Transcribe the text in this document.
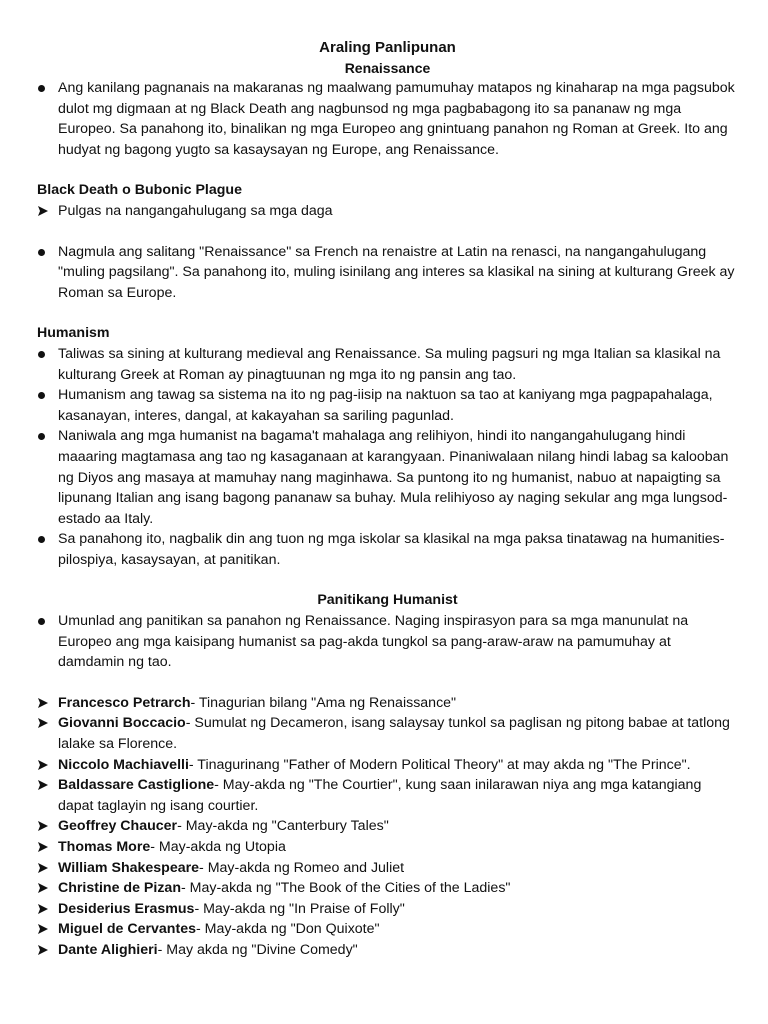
Araling Panlipunan

Renaissance

Ang kanilang pagnanais na makaranas ng maalwang pamumuhay matapos ng kinaharap na mga pagsubok dulot mg digmaan at ng Black Death ang nagbunsod ng mga pagbabagong ito sa pananaw ng mga Europeo. Sa panahong ito, binalikan ng mga Europeo ang gnintuang panahon ng Roman at Greek. Ito ang hudyat ng bagong yugto sa kasaysayan ng Europe, ang Renaissance.

Black Death o Bubonic Plague

Pulgas na nangangahulugang sa mga daga
Nagmula ang salitang "Renaissance" sa French na renaistre at Latin na renasci, na nangangahulugang "muling pagsilang". Sa panahong ito, muling isinilang ang interes sa klasikal na sining at kulturang Greek ay Roman sa Europe.

Humanism

Taliwas sa sining at kulturang medieval ang Renaissance. Sa muling pagsuri ng mga Italian sa klasikal na kulturang Greek at Roman ay pinagtuunan ng mga ito ng pansin ang tao.
Humanism ang tawag sa sistema na ito ng pag-iisip na naktuon sa tao at kaniyang mga pagpapahalaga, kasanayan, interes, dangal, at kakayahan sa sariling pagunlad.
Naniwala ang mga humanist na bagama't mahalaga ang relihiyon, hindi ito nangangahulugang hindi maaaring magtamasa ang tao ng kasaganaan at karangyaan. Pinaniwalaan nilang hindi labag sa kalooban ng Diyos ang masaya at mamuhay nang maginhawa. Sa puntong ito ng humanist, nabuo at napaigting sa lipunang Italian ang isang bagong pananaw sa buhay. Mula relihiyoso ay naging sekular ang mga lungsod-estado aa Italy.
Sa panahong ito, nagbalik din ang tuon ng mga iskolar sa klasikal na mga paksa tinatawag na humanities- pilospiya, kasaysayan, at panitikan.

Panitikang Humanist

Umunlad ang panitikan sa panahon ng Renaissance. Naging inspirasyon para sa mga manunulat na Europeo ang mga kaisipang humanist sa pag-akda tungkol sa pang-araw-araw na pamumuhay at damdamin ng tao.
Francesco Petrarch- Tinagurian bilang "Ama ng Renaissance"
Giovanni Boccacio- Sumulat ng Decameron, isang salaysay tunkol sa paglisan ng pitong babae at tatlong lalake sa Florence.
Niccolo Machiavelli- Tinagurinang "Father of Modern Political Theory" at may akda ng "The Prince".
Baldassare Castiglione- May-akda ng "The Courtier", kung saan inilarawan niya ang mga katangiang dapat taglayin ng isang courtier.
Geoffrey Chaucer- May-akda ng "Canterbury Tales"
Thomas More- May-akda ng Utopia
William Shakespeare- May-akda ng Romeo and Juliet
Christine de Pizan- May-akda ng "The Book of the Cities of the Ladies"
Desiderius Erasmus- May-akda ng "In Praise of Folly"
Miguel de Cervantes- May-akda ng "Don Quixote"
Dante Alighieri- May akda ng "Divine Comedy"
